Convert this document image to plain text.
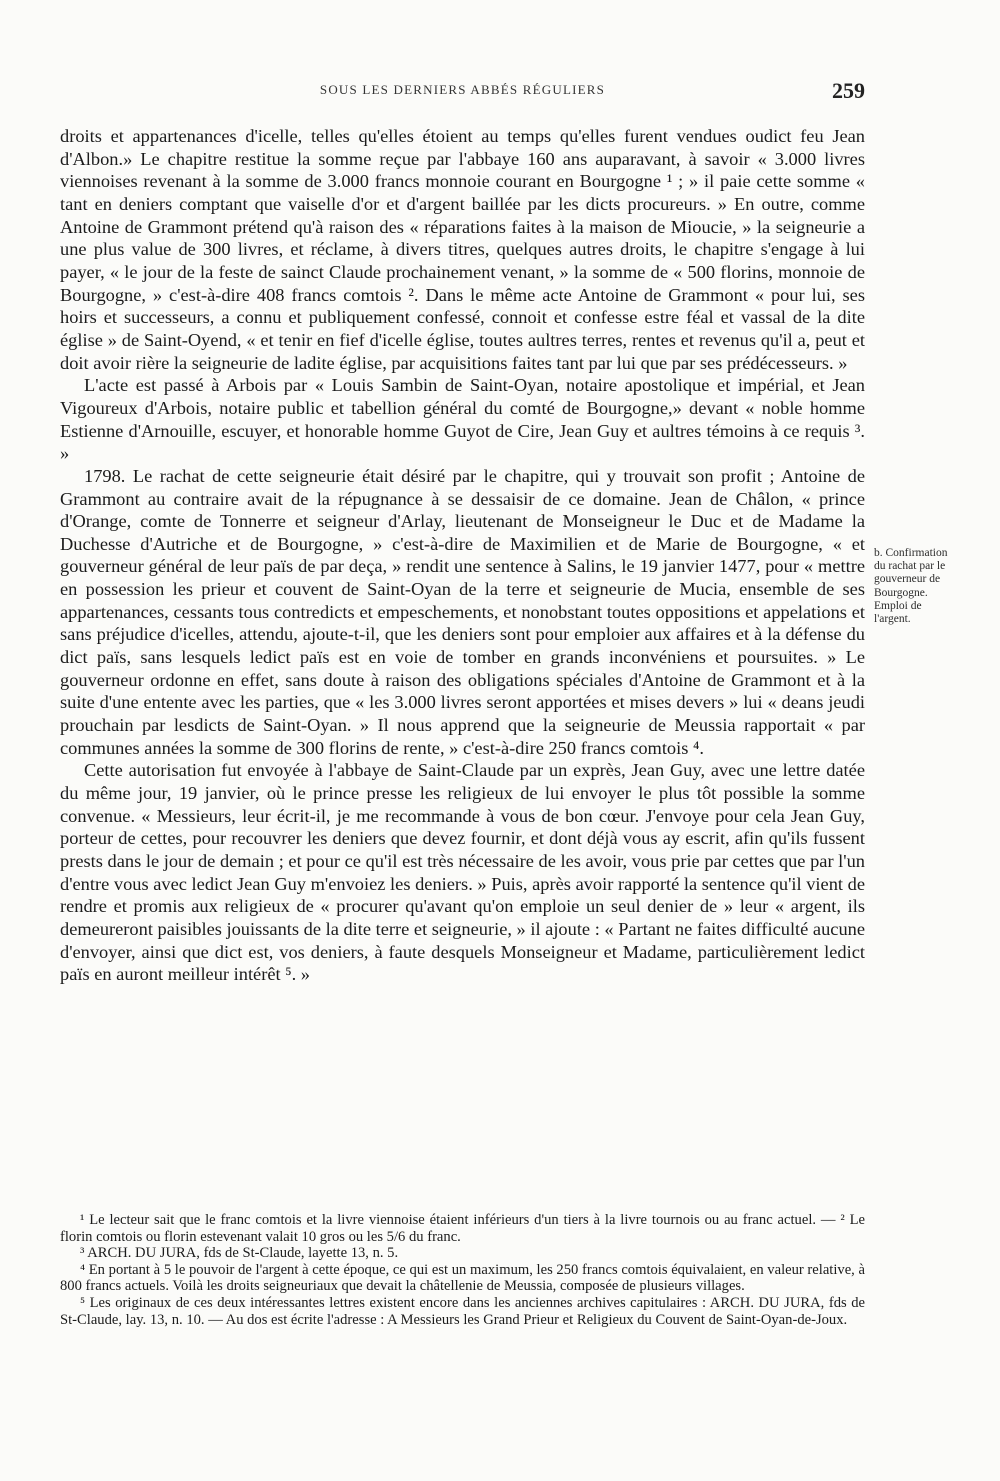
SOUS LES DERNIERS ABBÉS RÉGULIERS	259

droits et appartenances d'icelle, telles qu'elles étoient au temps qu'elles furent vendues oudict feu Jean d'Albon.» Le chapitre restitue la somme reçue par l'abbaye 160 ans auparavant, à savoir « 3.000 livres viennoises revenant à la somme de 3.000 francs monnoie courant en Bourgogne ¹ ; » il paie cette somme « tant en deniers comptant que vaiselle d'or et d'argent baillée par les dicts procureurs. » En outre, comme Antoine de Grammont prétend qu'à raison des « réparations faites à la maison de Mioucie, » la seigneurie a une plus value de 300 livres, et réclame, à divers titres, quelques autres droits, le chapitre s'engage à lui payer, « le jour de la feste de sainct Claude prochainement venant, » la somme de « 500 florins, monnoie de Bourgogne, » c'est-à-dire 408 francs comtois ². Dans le même acte Antoine de Grammont « pour lui, ses hoirs et successeurs, a connu et publiquement confessé, connoit et confesse estre féal et vassal de la dite église » de Saint-Oyend, « et tenir en fief d'icelle église, toutes aultres terres, rentes et revenus qu'il a, peut et doit avoir rière la seigneurie de ladite église, par acquisitions faites tant par lui que par ses prédécesseurs. »

L'acte est passé à Arbois par « Louis Sambin de Saint-Oyan, notaire apostolique et impérial, et Jean Vigoureux d'Arbois, notaire public et tabellion général du comté de Bourgogne,» devant « noble homme Estienne d'Arnouille, escuyer, et honorable homme Guyot de Cire, Jean Guy et aultres témoins à ce requis ³. »

1798. Le rachat de cette seigneurie était désiré par le chapitre, qui y trouvait son profit ; Antoine de Grammont au contraire avait de la répugnance à se dessaisir de ce domaine. Jean de Châlon, « prince d'Orange, comte de Tonnerre et seigneur d'Arlay, lieutenant de Monseigneur le Duc et de Madame la Duchesse d'Autriche et de Bourgogne, » c'est-à-dire de Maximilien et de Marie de Bourgogne, « et gouverneur général de leur païs de par deça, » rendit une sentence à Salins, le 19 janvier 1477, pour « mettre en possession les prieur et couvent de Saint-Oyan de la terre et seigneurie de Mucia, ensemble de ses appartenances, cessants tous contredicts et empeschements, et nonobstant toutes oppositions et appelations et sans préjudice d'icelles, attendu, ajoute-t-il, que les deniers sont pour emploier aux affaires et à la défense du dict païs, sans lesquels ledict païs est en voie de tomber en grands inconvéniens et poursuites. » Le gouverneur ordonne en effet, sans doute à raison des obligations spéciales d'Antoine de Grammont et à la suite d'une entente avec les parties, que « les 3.000 livres seront apportées et mises devers » lui « deans jeudi prouchain par lesdicts de Saint-Oyan. » Il nous apprend que la seigneurie de Meussia rapportait « par communes années la somme de 300 florins de rente, » c'est-à-dire 250 francs comtois ⁴.

Cette autorisation fut envoyée à l'abbaye de Saint-Claude par un exprès, Jean Guy, avec une lettre datée du même jour, 19 janvier, où le prince presse les religieux de lui envoyer le plus tôt possible la somme convenue. « Messieurs, leur écrit-il, je me recommande à vous de bon cœur. J'envoye pour cela Jean Guy, porteur de cettes, pour recouvrer les deniers que devez fournir, et dont déjà vous ay escrit, afin qu'ils fussent prests dans le jour de demain ; et pour ce qu'il est très nécessaire de les avoir, vous prie par cettes que par l'un d'entre vous avec ledict Jean Guy m'envoiez les deniers. » Puis, après avoir rapporté la sentence qu'il vient de rendre et promis aux religieux de « procurer qu'avant qu'on emploie un seul denier de » leur « argent, ils demeureront paisibles jouissants de la dite terre et seigneurie, » il ajoute : « Partant ne faites difficulté aucune d'envoyer, ainsi que dict est, vos deniers, à faute desquels Monseigneur et Madame, particulièrement ledict païs en auront meilleur intérêt ⁵. »

b. Confirmation du rachat par le gouverneur de Bourgogne. Emploi de l'argent.

¹ Le lecteur sait que le franc comtois et la livre viennoise étaient inférieurs d'un tiers à la livre tournois ou au franc actuel. — ² Le florin comtois ou florin estevenant valait 10 gros ou les 5/6 du franc.

³ ARCH. DU JURA, fds de St-Claude, layette 13, n. 5.

⁴ En portant à 5 le pouvoir de l'argent à cette époque, ce qui est un maximum, les 250 francs comtois équivalaient, en valeur relative, à 800 francs actuels. Voilà les droits seigneuriaux que devait la châtellenie de Meussia, composée de plusieurs villages.

⁵ Les originaux de ces deux intéressantes lettres existent encore dans les anciennes archives capitulaires : ARCH. DU JURA, fds de St-Claude, lay. 13, n. 10. — Au dos est écrite l'adresse : A Messieurs les Grand Prieur et Religieux du Couvent de Saint-Oyan-de-Joux.
